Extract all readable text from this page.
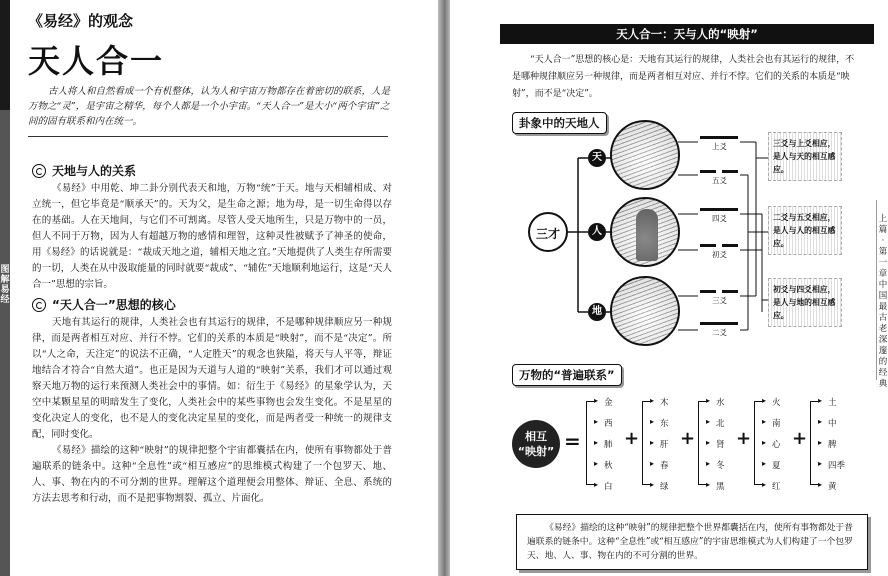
图
解
易
经
《易经》的观念
天人合一
古人将人和自然看成一个有机整体，认为人和宇宙万物都存在着密切的联系，人是万物之“灵”，是宇宙之精华，每个人都是一个小宇宙。“天人合一”是大小“两个宇宙”之间的固有联系和内在统一。
天地与人的关系

《易经》中用乾、坤二卦分别代表天和地，万物“统”于天。地与天相辅相成、对立统一，但它毕竟是“顺承天”的。天为父，是生命之源；地为母，是一切生命得以存在的基础。人在天地间，与它们不可割离。尽管人受天地所生，只是万物中的一员，但人不同于万物，因为人有超越万物的感情和理智，这种灵性被赋予了神圣的使命，用《易经》的话说就是：“裁成天地之道，辅相天地之宜。”天地提供了人类生存所需要的一切，人类在从中汲取能量的同时就要“裁成”、“辅佐”天地顺利地运行，这是“天人合一”思想的宗旨。

“天人合一”思想的核心

天地有其运行的规律，人类社会也有其运行的规律，不是哪种规律顺应另一种规律，而是两者相互对应、并行不悖。它们的关系的本质是“映射”，而不是“决定”。所以“人之命，天注定”的说法不正确，“人定胜天”的观念也狭隘，将天与人平等，辩证地结合才符合“自然大道”。也正是因为天道与人道的“映射”关系，我们才可以通过观察天地万物的运行来预测人类社会中的事情。如：衍生于《易经》的星象学认为，天空中某颗星星的明暗发生了变化，人类社会中的某些事物也会发生变化。不是星星的变化决定人的变化，也不是人的变化决定星星的变化，而是两者受一种统一的规律支配，同时变化。

《易经》描绘的这种“映射”的规律把整个宇宙都囊括在内，使所有事物都处于普遍联系的链条中。这种“全息性”或“相互感应”的思维模式构建了一个包罗天、地、人、事、物在内的不可分割的世界。理解这个道理便会用整体、辩证、全息、系统的方法去思考和行动，而不是把事物割裂、孤立、片面化。

天人合一：天与人的“映射”

“天人合一”思想的核心是：天地有其运行的规律，人类社会也有其运行的规律，不是哪种规律顺应另一种规律，而是两者相互对应、并行不悖。它们的关系的本质是“映射”，而不是“决定”。

卦象中的天地人
三才
天
人
地
上爻
五爻
四爻
三爻
二爻
初爻
三爻与上爻相应，是人与天的相互感应。
二爻与五爻相应，是人与人的相互感应。
初爻与四爻相应，是人与地的相互感应。
万物的“普遍联系”
相互
“映射” =
▸ 金
▸ 西
▸ 肺
▸ 秋
▸ 白
+
▸ 木
▸ 东
▸ 肝
▸ 春
▸ 绿
+
▸ 水
▸ 北
▸ 肾
▸ 冬
▸ 黑
+
▸ 火
▸ 南
▸ 心
▸ 夏
▸ 红
+
▸ 土
▸ 中
▸ 脾
▸ 四季
▸ 黄

《易经》描绘的这种“映射”的规律把整个世界都囊括在内，使所有事物都处于普遍联系的链条中。这种“全息性”或“相互感应”的宇宙思维模式为人们构建了一个包罗天、地、人、事、物在内的不可分割的世界。

上
篇
·
第
一
章
中
国
最
古
老
深
邃
的
经
典
